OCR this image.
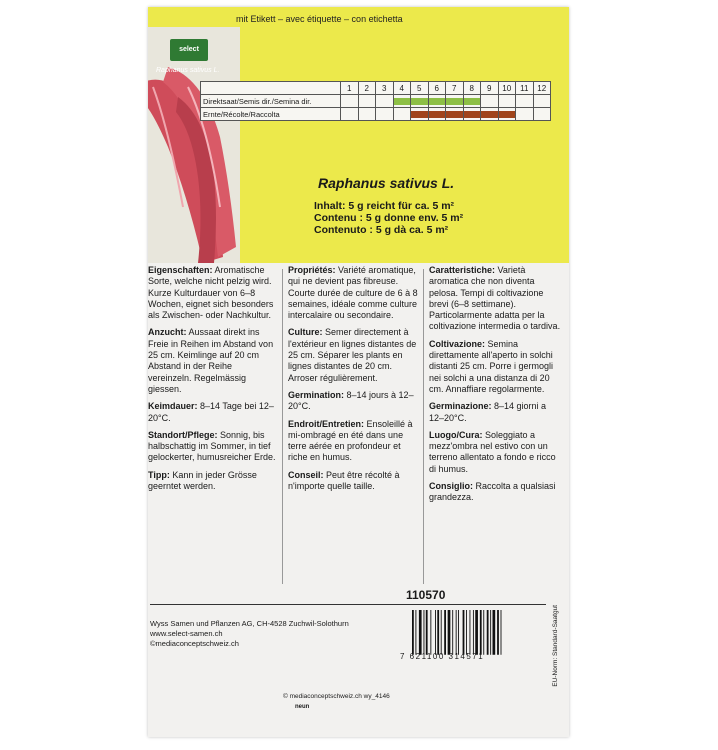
mit Etikett – avec étiquette – con etichetta
select
Raphanus sativus L.
	1	2	3	4	5	6	7	8	9	10	11	12
Direktsaat/Semis dir./Semina dir.				

Ernte/Récolte/Raccolta					

Raphanus sativus L.
Inhalt: 5 g reicht für ca. 5 m²
Contenu : 5 g donne env. 5 m²
Contenuto : 5 g dà ca. 5 m²

Eigenschaften: Aromatische Sorte, welche nicht pelzig wird. Kurze Kulturdauer von 6–8 Wochen, eignet sich besonders als Zwischen- oder Nachkultur.

Anzucht: Aussaat direkt ins Freie in Reihen im Abstand von 25 cm. Keimlinge auf 20 cm Abstand in der Reihe vereinzeln. Regelmässig giessen.

Keimdauer: 8–14 Tage bei 12–20°C.

Standort/Pflege: Sonnig, bis halbschattig im Sommer, in tief gelockerter, humusreicher Erde.

Tipp: Kann in jeder Grösse geerntet werden.

Propriétés: Variété aromatique, qui ne devient pas fibreuse. Courte durée de culture de 6 à 8 semaines, idéale comme culture intercalaire ou secondaire.

Culture: Semer directement à l'extérieur en lignes distantes de 25 cm. Séparer les plants en lignes distantes de 20 cm. Arroser régulièrement.

Germination: 8–14 jours à 12–20°C.

Endroit/Entretien: Ensoleillé à mi-ombragé en été dans une terre aérée en profondeur et riche en humus.

Conseil: Peut être récolté à n'importe quelle taille.

Caratteristiche: Varietà aromatica che non diventa pelosa. Tempi di coltivazione brevi (6–8 settimane). Particolarmente adatta per la coltivazione intermedia o tardiva.

Coltivazione: Semina direttamente all'aperto in solchi distanti 25 cm. Porre i germogli nei solchi a una distanza di 20 cm. Annaffiare regolarmente.

Germinazione: 8–14 giorni a 12–20°C.

Luogo/Cura: Soleggiato a mezz'ombra nel estivo con un terreno allentato a fondo e ricco di humus.

Consiglio: Raccolta a qualsiasi grandezza.

110570
Wyss Samen und Pflanzen AG, CH-4528 Zuchwil-Solothurn
www.select-samen.ch
©mediaconceptschweiz.ch
7 621100 314571	EU-Norm: Standard-Saatgut
© mediaconceptschweiz.ch wy_4146
neun
